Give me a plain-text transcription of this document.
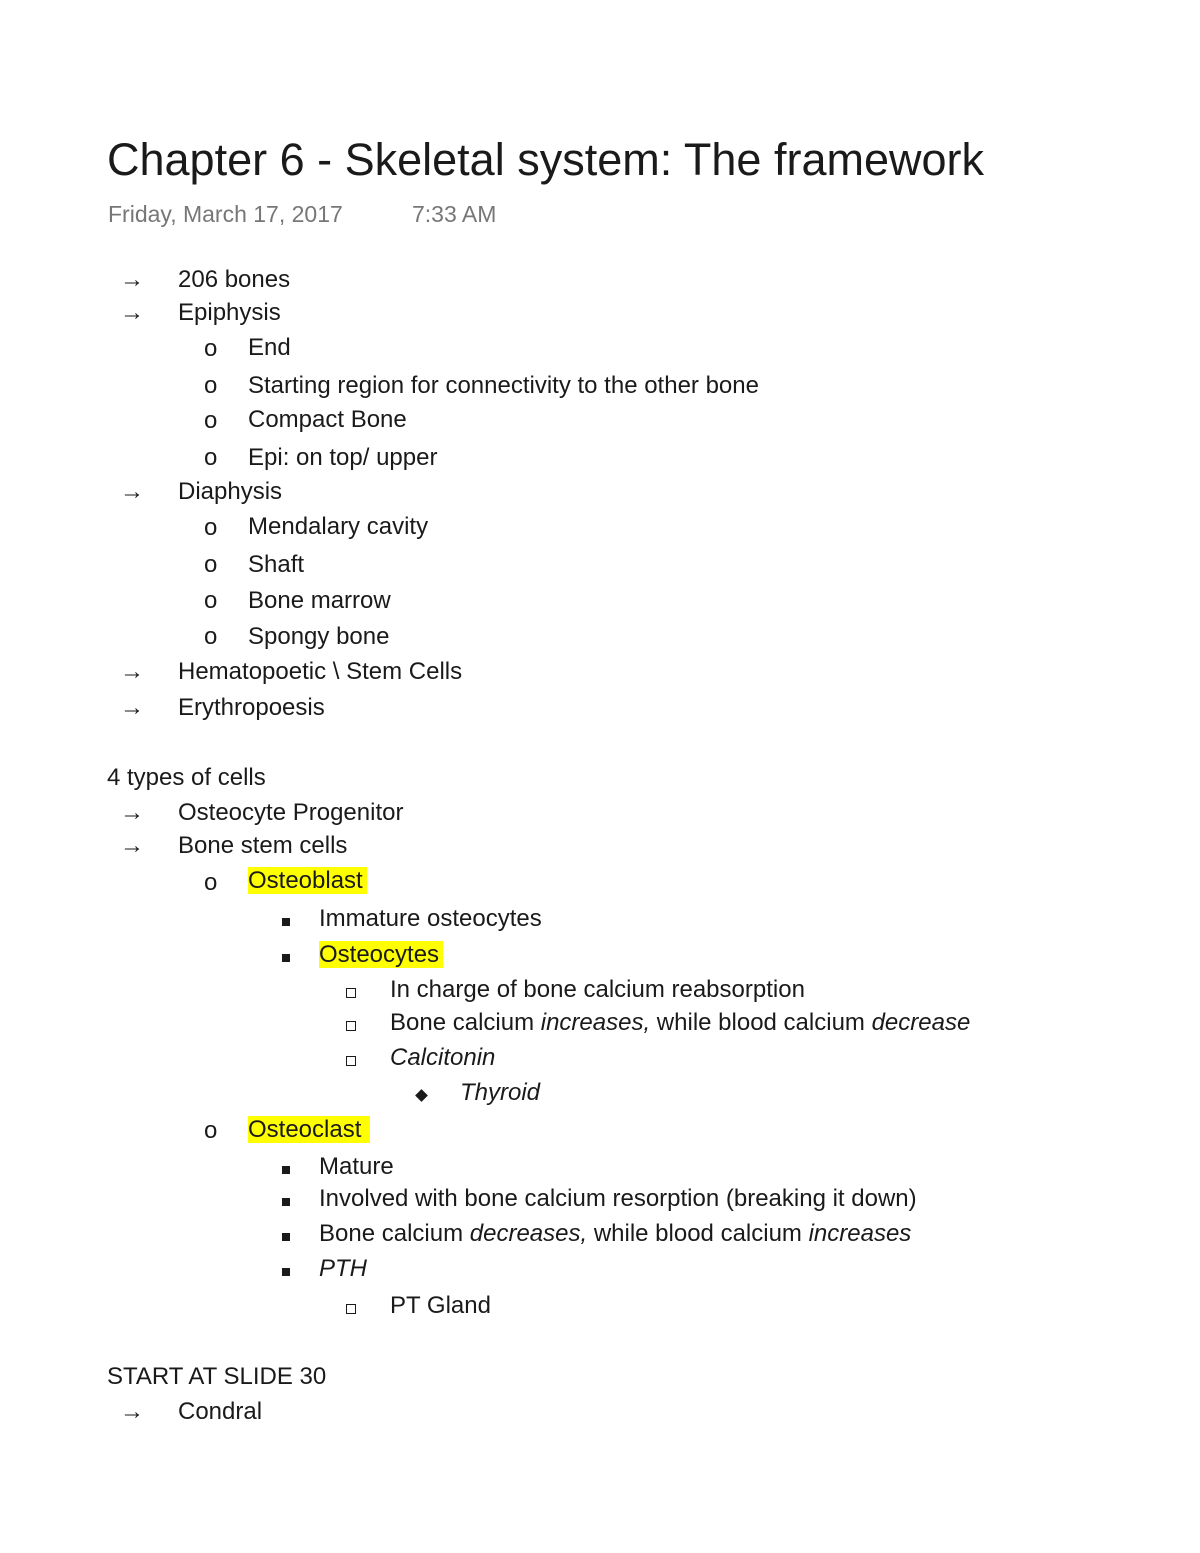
Chapter 6 - Skeletal system: The framework
Friday, March 17, 2017	7:33 AM
→ 206 bones
→ Epiphysis
o End
o Starting region for connectivity to the other bone
o Compact Bone
o Epi: on top/ upper
→ Diaphysis
o Mendalary cavity
o Shaft
o Bone marrow
o Spongy bone
→ Hematopoetic \ Stem Cells
→ Erythropoesis
4 types of cells
→ Osteocyte Progenitor
→ Bone stem cells
o Osteoblast
Immature osteocytes
Osteocytes
In charge of bone calcium reabsorption
Bone calcium increases, while blood calcium decrease
Calcitonin
Thyroid
o Osteoclast
Mature
Involved with bone calcium resorption (breaking it down)
Bone calcium decreases, while blood calcium increases
PTH
PT Gland
START AT SLIDE 30
→ Condral
